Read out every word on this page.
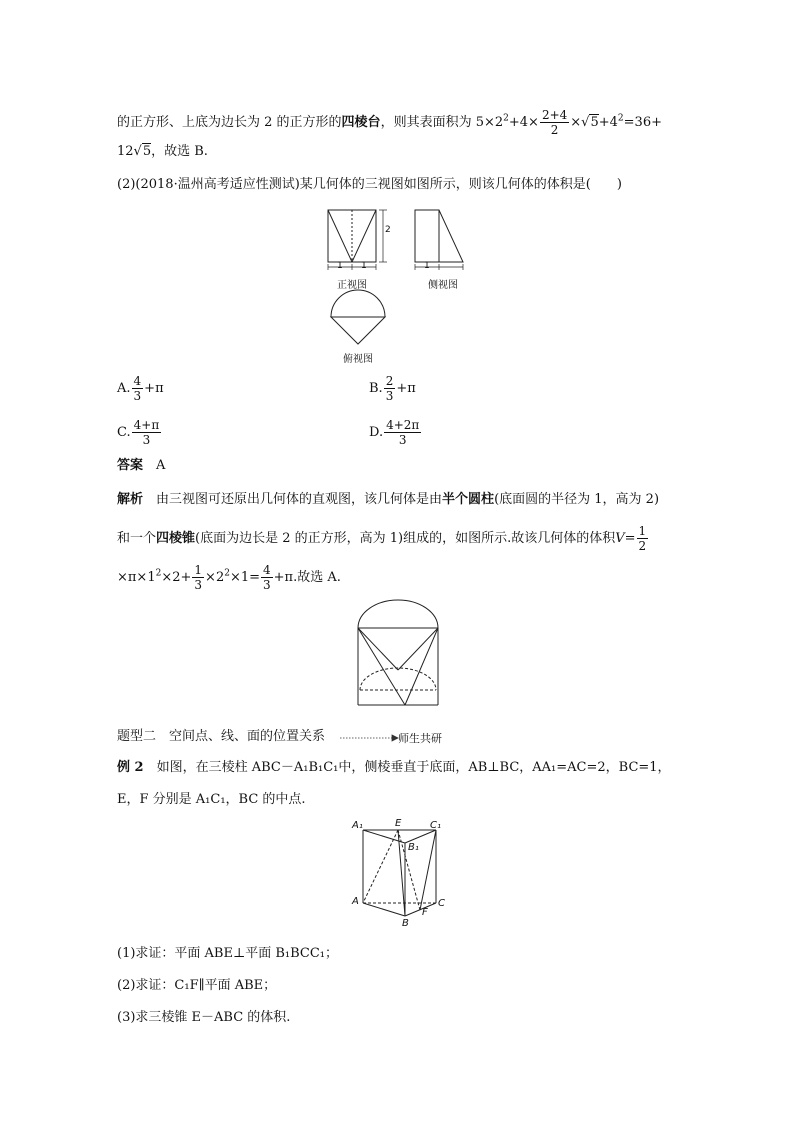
的正方形、上底为边长为 2 的正方形的四棱台，则其表面积为 $5\times 2^2+4\times \frac{2+4}{2} \times√5+4^2=36+$
12√5，故选 B.
(2)(2018·温州高考适应性测试)某几何体的三视图如图所示，则该几何体的体积是(　　)
2
1 1	1
正视图	侧视图
俯视图
A. $\frac{4}{3} +\pi$	B. $\frac{2}{3} +\pi$
C. $\frac{4+\pi}{3}$	D. $\frac{4+2\pi}{3}$
答案　 A
解析　 由三视图可还原出几何体的直观图，该几何体是由半个圆柱(底面圆的半径为 1，高为 2)
和一个四棱锥(底面为边长是 2 的正方形，高为 1)组成的，如图所示.故该几何体的体积$V= \frac{1}{2}$
$\times\pi\times 1^2\times 2+ \frac{1}{3} \times 2^2\times 1= \frac{4}{3} +\pi$.故选 A.
题型二　空间点、线、面的位置关系	师生共研
例 2  如图，在三棱柱 ABC－A₁B₁C₁中，侧棱垂直于底面，AB⊥BC，AA₁=AC=2，BC=1，
E，F 分别是 A₁C₁，BC 的中点.
A₁	E	C₁
B₁
A
F
C
B
(1)求证：平面 ABE⊥平面 B₁BCC₁；
(2)求证：C₁F∥平面 ABE；
(3)求三棱锥 E－ABC 的体积.
